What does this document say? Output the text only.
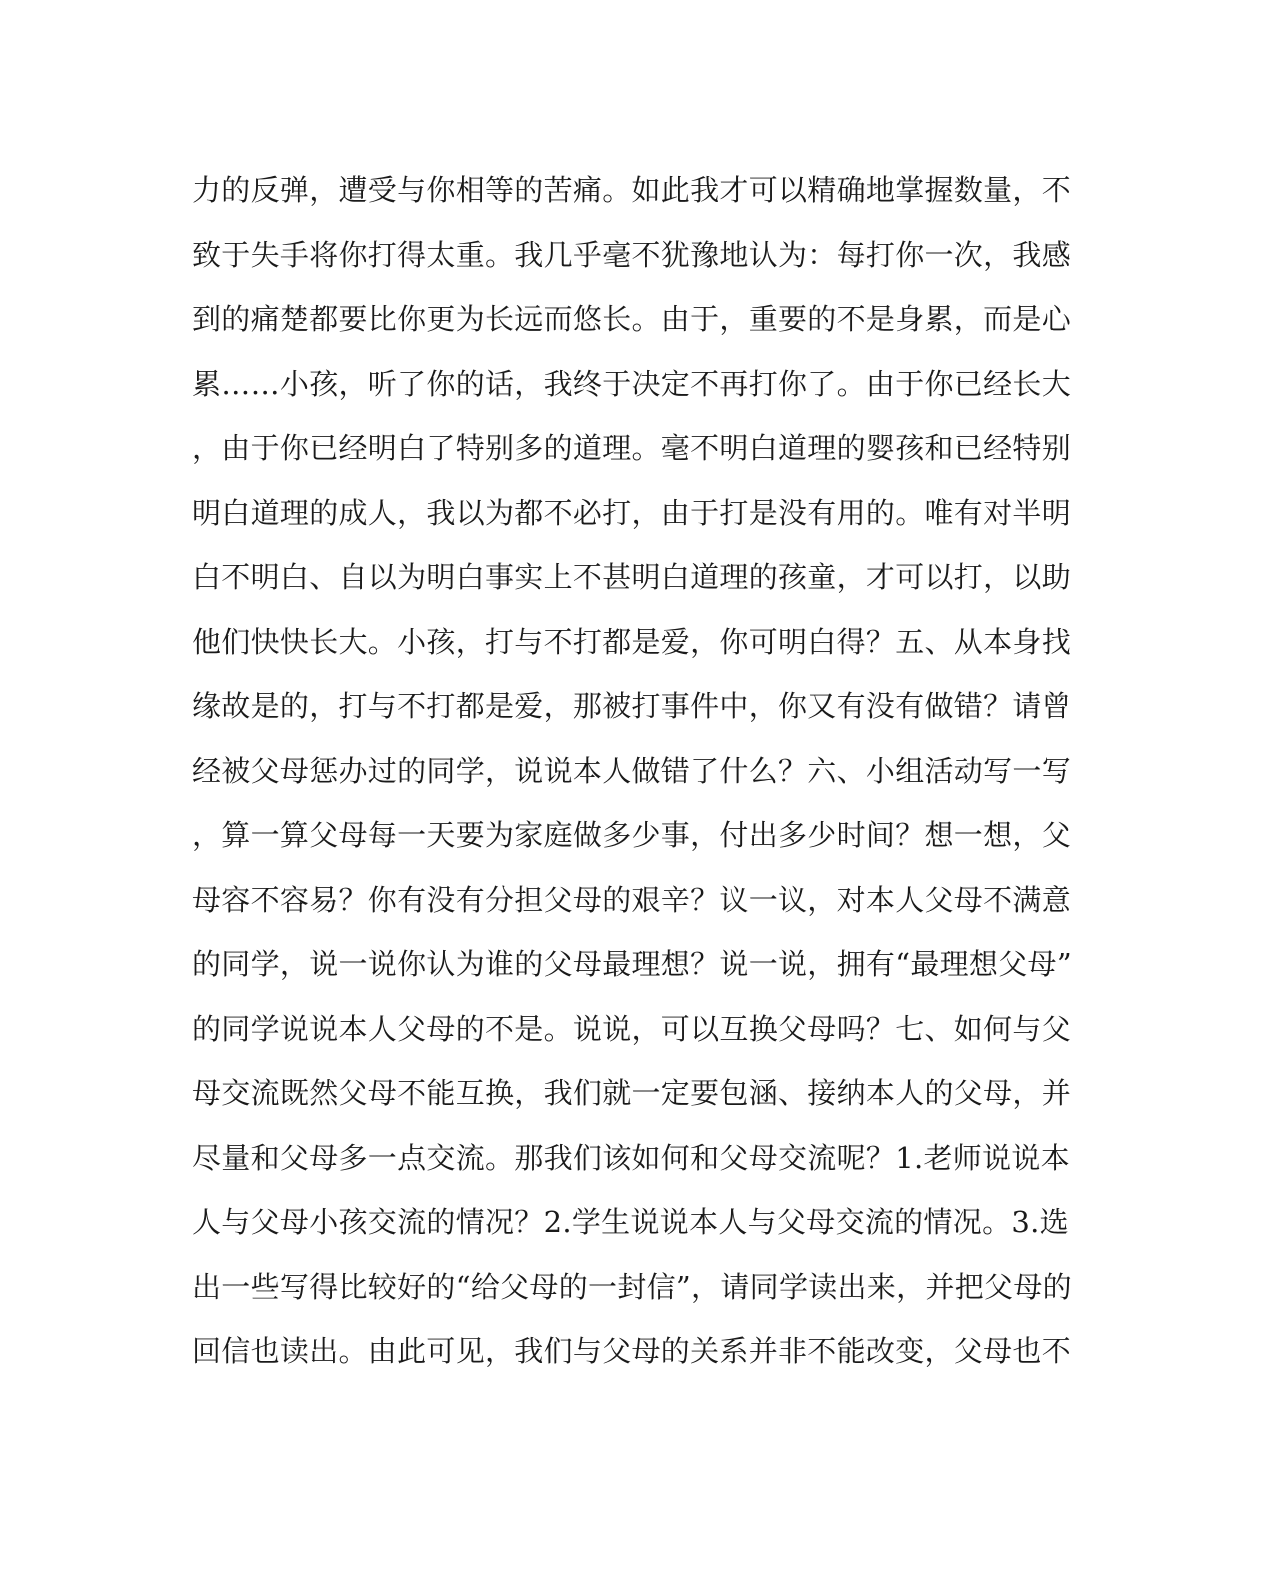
力的反弹，遭受与你相等的苦痛。如此我才可以精确地掌握数量，不
致于失手将你打得太重。我几乎毫不犹豫地认为：每打你一次，我感
到的痛楚都要比你更为长远而悠长。由于，重要的不是身累，而是心
累……小孩，听了你的话，我终于决定不再打你了。由于你已经长大
，由于你已经明白了特别多的道理。毫不明白道理的婴孩和已经特别
明白道理的成人，我以为都不必打，由于打是没有用的。唯有对半明
白不明白、自以为明白事实上不甚明白道理的孩童，才可以打，以助
他们快快长大。小孩，打与不打都是爱，你可明白得？五、从本身找
缘故是的，打与不打都是爱，那被打事件中，你又有没有做错？请曾
经被父母惩办过的同学，说说本人做错了什么？六、小组活动写一写
，算一算父母每一天要为家庭做多少事，付出多少时间？想一想，父
母容不容易？你有没有分担父母的艰辛？议一议，对本人父母不满意
的同学，说一说你认为谁的父母最理想？说一说，拥有“最理想父母”
的同学说说本人父母的不是。说说，可以互换父母吗？七、如何与父
母交流既然父母不能互换，我们就一定要包涵、接纳本人的父母，并
尽量和父母多一点交流。那我们该如何和父母交流呢？1.老师说说本
人与父母小孩交流的情况？2.学生说说本人与父母交流的情况。3.选
出一些写得比较好的“给父母的一封信”，请同学读出来，并把父母的
回信也读出。由此可见，我们与父母的关系并非不能改变，父母也不
